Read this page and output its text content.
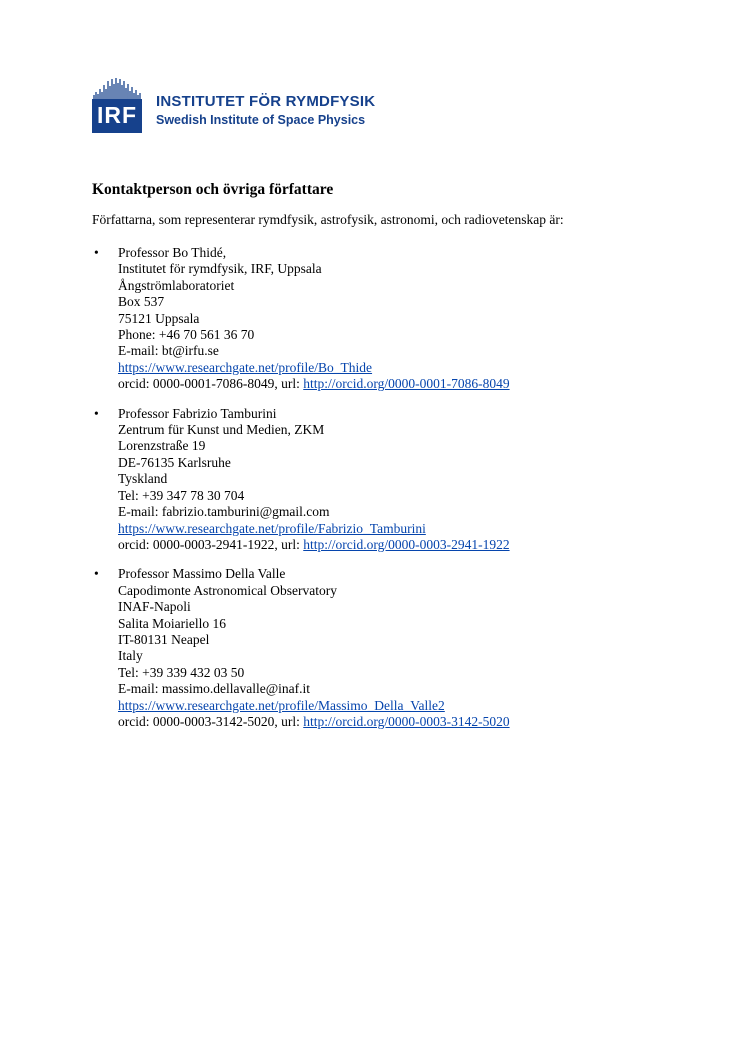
IRF
INSTITUTET FÖR RYMDFYSIK
Swedish Institute of Space Physics
Kontaktperson och övriga författare

Författarna, som representerar rymdfysik, astrofysik, astronomi, och radiovetenskap är:

• Professor Bo Thidé,
Institutet för rymdfysik, IRF, Uppsala
Ångströmlaboratoriet
Box 537
75121 Uppsala
Phone: +46 70 561 36 70
E-mail: bt@irfu.se
https://www.researchgate.net/profile/Bo_Thide
orcid: 0000-0001-7086-8049, url: http://orcid.org/0000-0001-7086-8049
• Professor Fabrizio Tamburini
Zentrum für Kunst und Medien, ZKM
Lorenzstraße 19
DE-76135 Karlsruhe
Tyskland
Tel: +39 347 78 30 704
E-mail: fabrizio.tamburini@gmail.com
https://www.researchgate.net/profile/Fabrizio_Tamburini
orcid: 0000-0003-2941-1922, url: http://orcid.org/0000-0003-2941-1922
• Professor Massimo Della Valle
Capodimonte Astronomical Observatory
INAF-Napoli
Salita Moiariello 16
IT-80131 Neapel
Italy
Tel: +39 339 432 03 50
E-mail: massimo.dellavalle@inaf.it
https://www.researchgate.net/profile/Massimo_Della_Valle2
orcid: 0000-0003-3142-5020, url: http://orcid.org/0000-0003-3142-5020
